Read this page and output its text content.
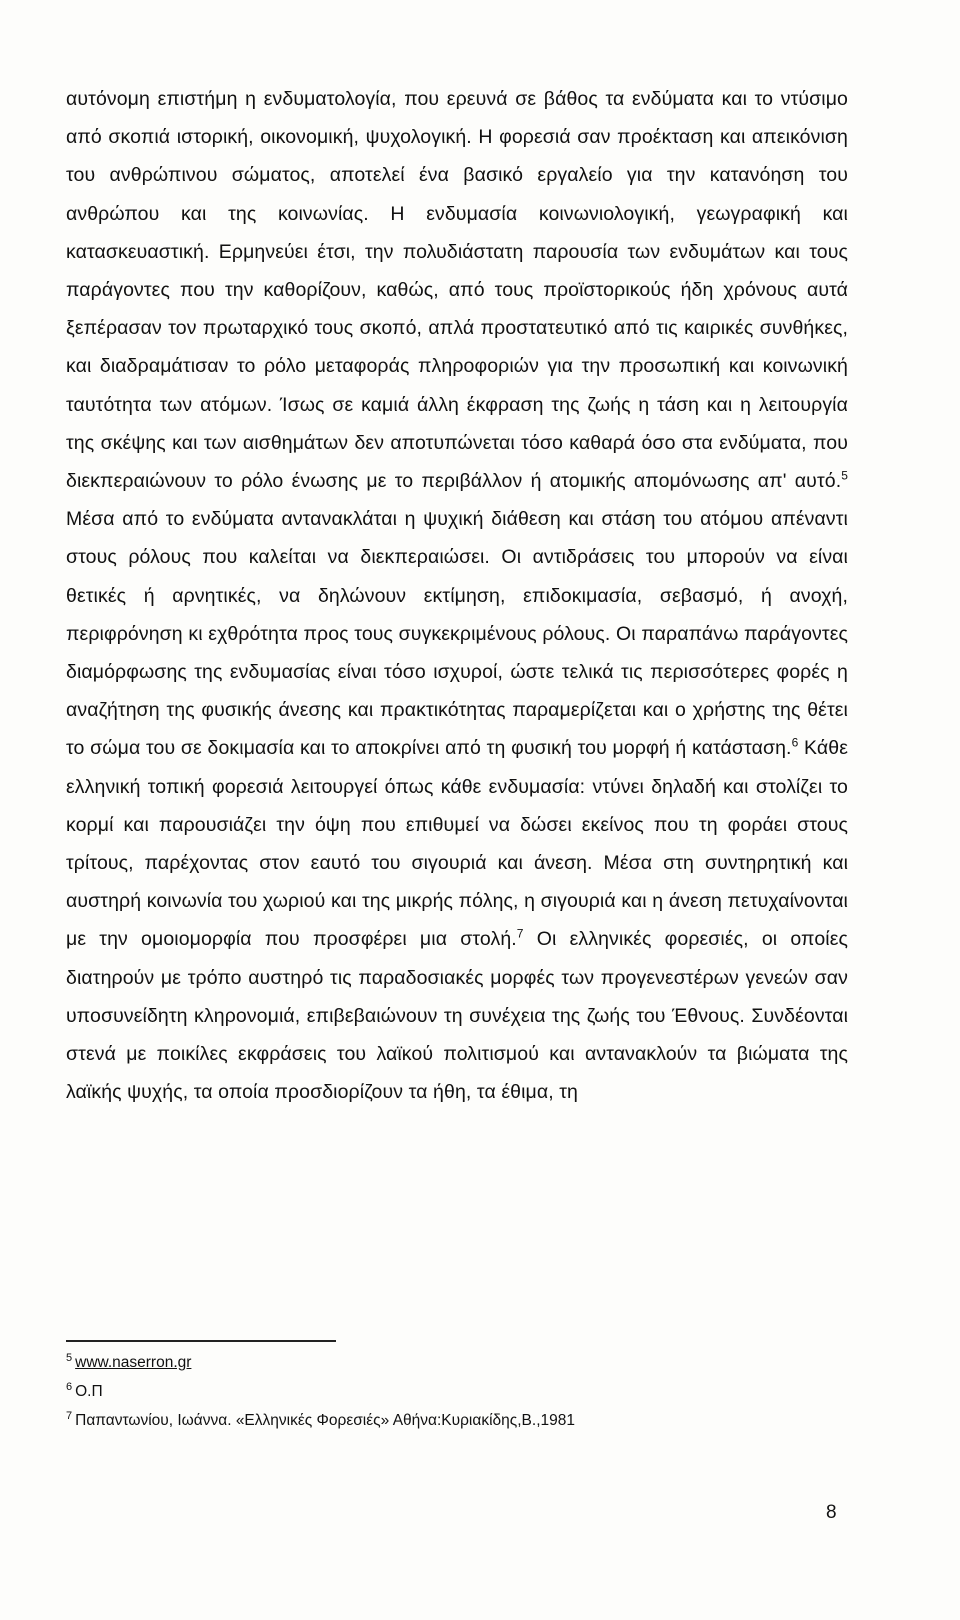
αυτόνομη επιστήμη η ενδυματολογία, που ερευνά σε βάθος τα ενδύματα και το ντύσιμο από σκοπιά ιστορική, οικονομική, ψυχολογική. Η φορεσιά σαν προέκταση και απεικόνιση του ανθρώπινου σώματος, αποτελεί ένα βασικό εργαλείο για την κατανόηση του ανθρώπου και της κοινωνίας. Η ενδυμασία κοινωνιολογική, γεωγραφική και κατασκευαστική. Ερμηνεύει έτσι, την πολυδιάστατη παρουσία των ενδυμάτων και τους παράγοντες που την καθορίζουν, καθώς, από τους προϊστορικούς ήδη χρόνους αυτά ξεπέρασαν τον πρωταρχικό τους σκοπό, απλά προστατευτικό από τις καιρικές συνθήκες, και διαδραμάτισαν το ρόλο μεταφοράς πληροφοριών για την προσωπική και κοινωνική ταυτότητα των ατόμων. Ίσως σε καμιά άλλη έκφραση της ζωής η τάση και η λειτουργία της σκέψης και των αισθημάτων δεν αποτυπώνεται τόσο καθαρά όσο στα ενδύματα, που διεκπεραιώνουν το ρόλο ένωσης με το περιβάλλον ή ατομικής απομόνωσης απ' αυτό.$^5$ Μέσα από το ενδύματα αντανακλάται η ψυχική διάθεση και στάση του ατόμου απέναντι στους ρόλους που καλείται να διεκπεραιώσει. Οι αντιδράσεις του μπορούν να είναι θετικές ή αρνητικές, να δηλώνουν εκτίμηση, επιδοκιμασία, σεβασμό, ή ανοχή, περιφρόνηση κι εχθρότητα προς τους συγκεκριμένους ρόλους. Οι παραπάνω παράγοντες διαμόρφωσης της ενδυμασίας είναι τόσο ισχυροί, ώστε τελικά τις περισσότερες φορές η αναζήτηση της φυσικής άνεσης και πρακτικότητας παραμερίζεται και ο χρήστης της θέτει το σώμα του σε δοκιμασία και το αποκρίνει από τη φυσική του μορφή ή κατάσταση.$^6$ Κάθε ελληνική τοπική φορεσιά λειτουργεί όπως κάθε ενδυμασία: ντύνει δηλαδή και στολίζει το κορμί και παρουσιάζει την όψη που επιθυμεί να δώσει εκείνος που τη φοράει στους τρίτους, παρέχοντας στον εαυτό του σιγουριά και άνεση. Μέσα στη συντηρητική και αυστηρή κοινωνία του χωριού και της μικρής πόλης, η σιγουριά και η άνεση πετυχαίνονται με την ομοιομορφία που προσφέρει μια στολή.$^7$ Οι ελληνικές φορεσιές, οι οποίες διατηρούν με τρόπο αυστηρό τις παραδοσιακές μορφές των προγενεστέρων γενεών σαν υποσυνείδητη κληρονομιά, επιβεβαιώνουν τη συνέχεια της ζωής του Έθνους. Συνδέονται στενά με ποικίλες εκφράσεις του λαϊκού πολιτισμού και αντανακλούν τα βιώματα της λαϊκής ψυχής, τα οποία προσδιορίζουν τα ήθη, τα έθιμα, τη

$^5$ www.naserron.gr
$^6$ Ο.Π
$^7$ Παπαντωνίου, Ιωάννα. «Ελληνικές Φορεσιές» Αθήνα:Κυριακίδης,Β.,1981
8
